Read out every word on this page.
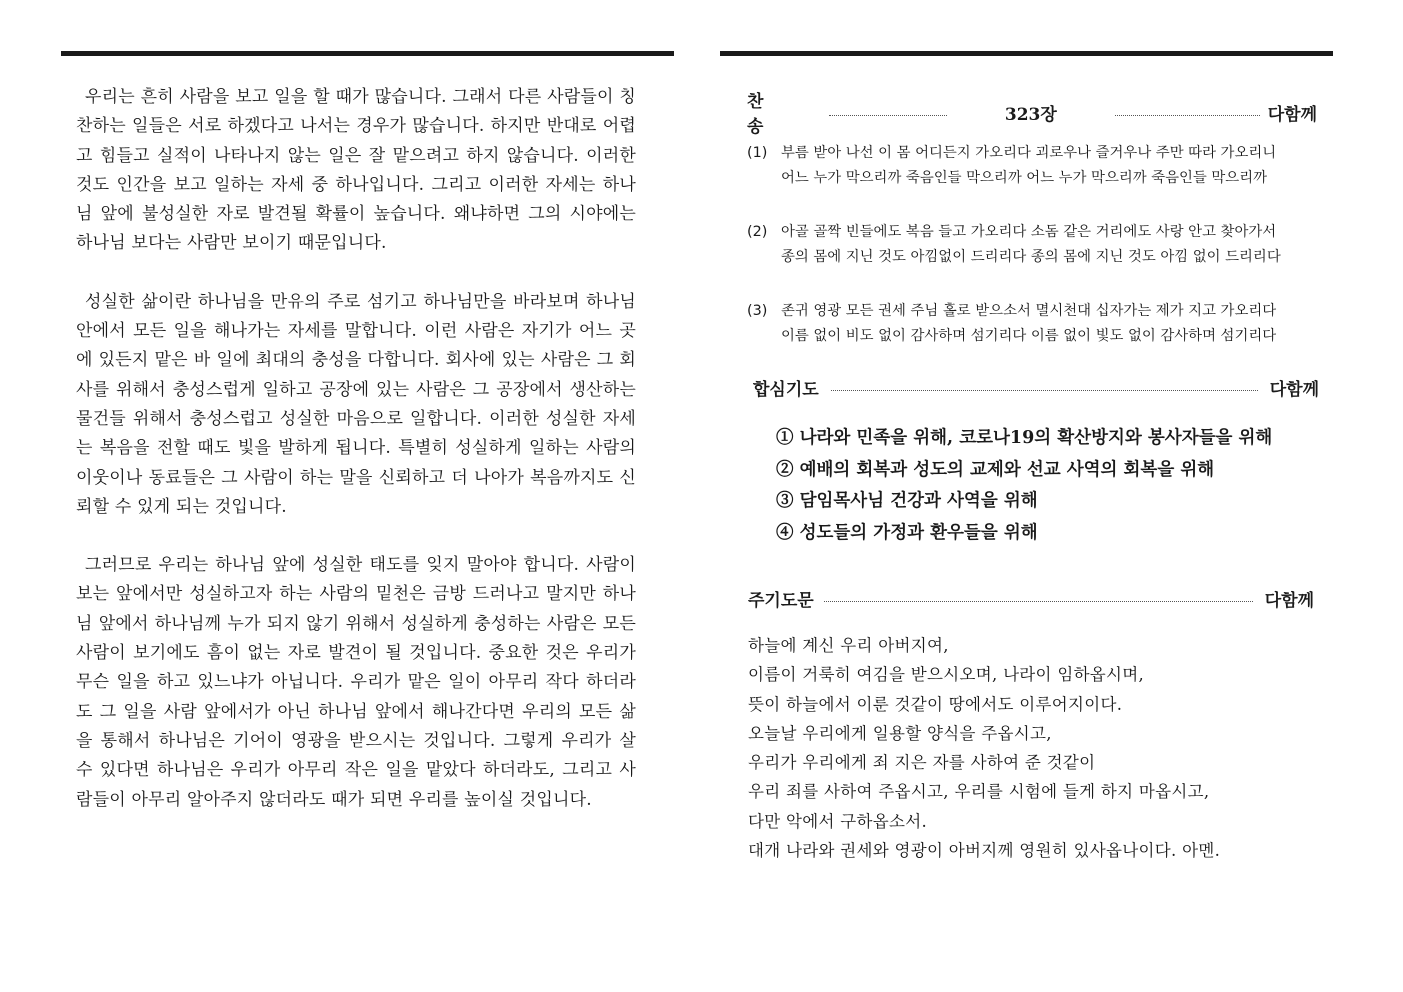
우리는 흔히 사람을 보고 일을 할 때가 많습니다. 그래서 다른 사람들이 칭찬하는 일들은 서로 하겠다고 나서는 경우가 많습니다. 하지만 반대로 어렵고 힘들고 실적이 나타나지 않는 일은 잘 맡으려고 하지 않습니다. 이러한 것도 인간을 보고 일하는 자세 중 하나입니다. 그리고 이러한 자세는 하나님 앞에 불성실한 자로 발견될 확률이 높습니다. 왜냐하면 그의 시야에는 하나님 보다는 사람만 보이기 때문입니다.

성실한 삶이란 하나님을 만유의 주로 섬기고 하나님만을 바라보며 하나님 안에서 모든 일을 해나가는 자세를 말합니다. 이런 사람은 자기가 어느 곳에 있든지 맡은 바 일에 최대의 충성을 다합니다. 회사에 있는 사람은 그 회사를 위해서 충성스럽게 일하고 공장에 있는 사람은 그 공장에서 생산하는 물건들 위해서 충성스럽고 성실한 마음으로 일합니다. 이러한 성실한 자세는 복음을 전할 때도 빛을 발하게 됩니다. 특별히 성실하게 일하는 사람의 이웃이나 동료들은 그 사람이 하는 말을 신뢰하고 더 나아가 복음까지도 신뢰할 수 있게 되는 것입니다.

그러므로 우리는 하나님 앞에 성실한 태도를 잊지 말아야 합니다. 사람이 보는 앞에서만 성실하고자 하는 사람의 밑천은 금방 드러나고 말지만 하나님 앞에서 하나님께 누가 되지 않기 위해서 성실하게 충성하는 사람은 모든 사람이 보기에도 흠이 없는 자로 발견이 될 것입니다. 중요한 것은 우리가 무슨 일을 하고 있느냐가 아닙니다. 우리가 맡은 일이 아무리 작다 하더라도 그 일을 사람 앞에서가 아닌 하나님 앞에서 해나간다면 우리의 모든 삶을 통해서 하나님은 기어이 영광을 받으시는 것입니다. 그렇게 우리가 살 수 있다면 하나님은 우리가 아무리 작은 일을 맡았다 하더라도, 그리고 사람들이 아무리 알아주지 않더라도 때가 되면 우리를 높이실 것입니다.

찬송
323장	다함께
(1) 부름 받아 나선 이 몸 어디든지 가오리다 괴로우나 즐거우나 주만 따라 가오리니
어느 누가 막으리까 죽음인들 막으리까 어느 누가 막으리까 죽음인들 막으리까
(2) 아골 골짝 빈들에도 복음 들고 가오리다 소돔 같은 거리에도 사랑 안고 찾아가서
종의 몸에 지닌 것도 아낌없이 드리리다 종의 몸에 지닌 것도 아낌 없이 드리리다
(3) 존귀 영광 모든 권세 주님 홀로 받으소서 멸시천대 십자가는 제가 지고 가오리다
이름 없이 비도 없이 감사하며 섬기리다 이름 없이 빛도 없이 감사하며 섬기리다
합심기도	다함께
① 나라와 민족을 위해, 코로나19의 확산방지와 봉사자들을 위해
② 예배의 회복과 성도의 교제와 선교 사역의 회복을 위해
③ 담임목사님 건강과 사역을 위해
④ 성도들의 가정과 환우들을 위해
주기도문	다함께
하늘에 계신 우리 아버지여,
이름이 거룩히 여김을 받으시오며, 나라이 임하옵시며,
뜻이 하늘에서 이룬 것같이 땅에서도 이루어지이다.
오늘날 우리에게 일용할 양식을 주옵시고,
우리가 우리에게 죄 지은 자를 사하여 준 것같이
우리 죄를 사하여 주옵시고, 우리를 시험에 들게 하지 마옵시고,
다만 악에서 구하옵소서.
대개 나라와 권세와 영광이 아버지께 영원히 있사옵나이다. 아멘.
